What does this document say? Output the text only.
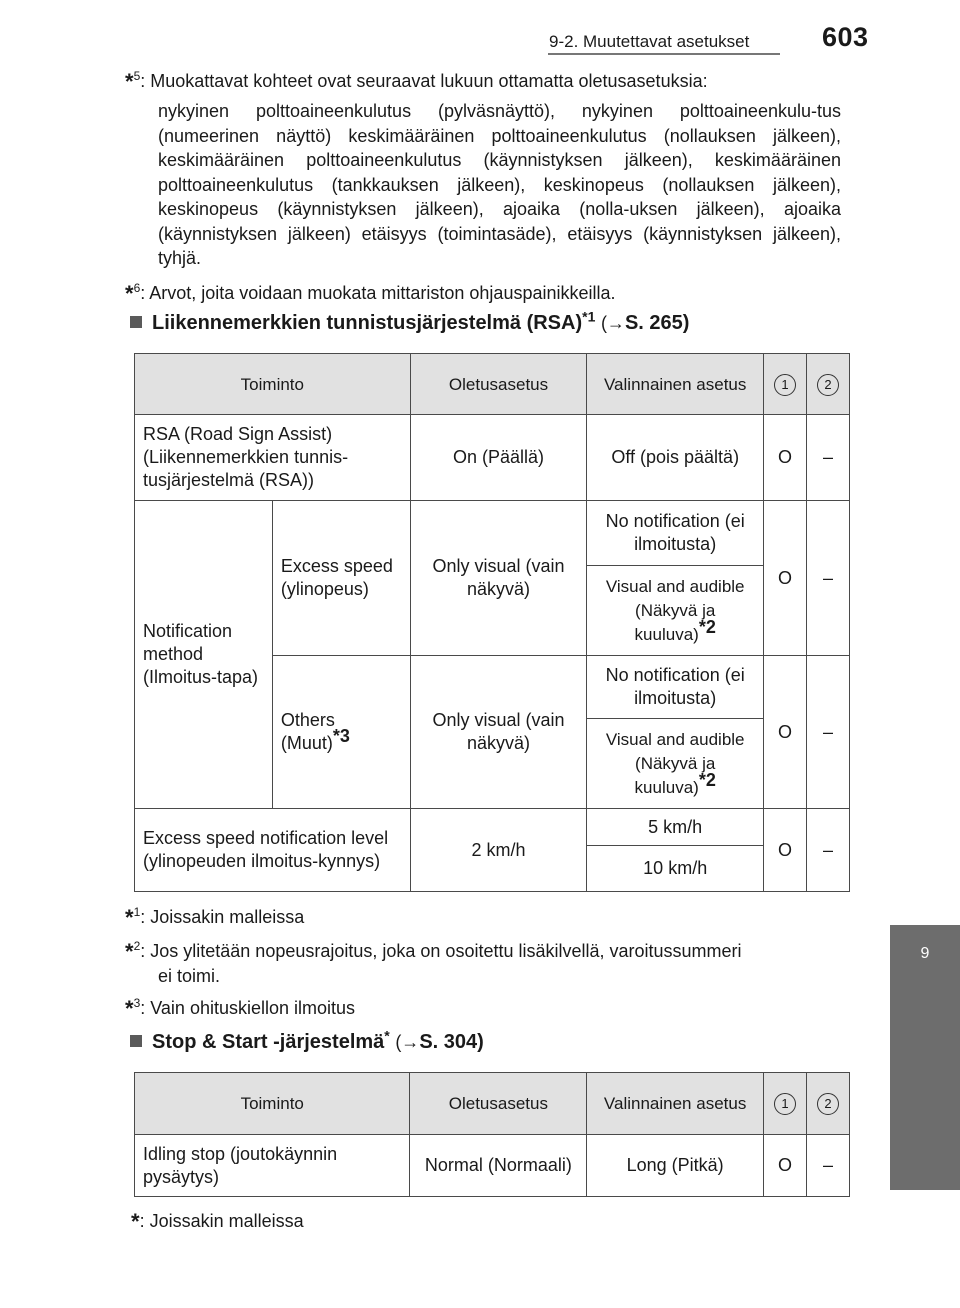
9-2. Muutettavat asetukset	603
9
Tekniset tiedot
*$^5$: Muokattavat kohteet ovat seuraavat lukuun ottamatta oletusasetuksia:
nykyinen polttoaineenkulutus (pylväsnäyttö), nykyinen polttoaineenkulu-tus (numeerinen näyttö) keskimääräinen polttoaineenkulutus (nollauksen jälkeen), keskimääräinen polttoaineenkulutus (käynnistyksen jälkeen), keskimääräinen polttoaineenkulutus (tankkauksen jälkeen), keskinopeus (nollauksen jälkeen), keskinopeus (käynnistyksen jälkeen), ajoaika (nolla-uksen jälkeen), ajoaika (käynnistyksen jälkeen) etäisyys (toimintasäde), etäisyys (käynnistyksen jälkeen), tyhjä.
*$^6$: Arvot, joita voidaan muokata mittariston ohjauspainikkeilla.
Liikennemerkkien tunnistusjärjestelmä (RSA)$^{*1}$ (→S. 265)
Toiminto		Oletusasetus	Valinnainen asetus	1	2
RSA (Road Sign Assist) (Liikennemerkkien tunnis-tusjärjestelmä (RSA))		On (Päällä)	Off (pois päältä)	O	–
Notification method (Ilmoitus-tapa)	Excess speed (ylinopeus)	Only visual (vain näkyvä)	No notification (ei ilmoitusta)	O	–
			Visual and audible (Näkyvä ja kuuluva)$^{*2}$
	Others (Muut)$^{*3}$	Only visual (vain näkyvä)	No notification (ei ilmoitusta)	O	–
			Visual and audible (Näkyvä ja kuuluva)$^{*2}$
Excess speed notification level (ylinopeuden ilmoitus-kynnys)		2 km/h	5 km/h	O	–
			10 km/h		
*$^1$: Joissakin malleissa
*$^2$: Jos ylitetään nopeusrajoitus, joka on osoitettu lisäkilvellä, varoitussummeri
ei toimi.
*$^3$: Vain ohituskiellon ilmoitus
Stop & Start -järjestelmä* (→S. 304)
Toiminto	Oletusasetus	Valinnainen asetus	1	2
Idling stop (joutokäynnin pysäytys)	Normal (Normaali)	Long (Pitkä)	O	–
*: Joissakin malleissa
